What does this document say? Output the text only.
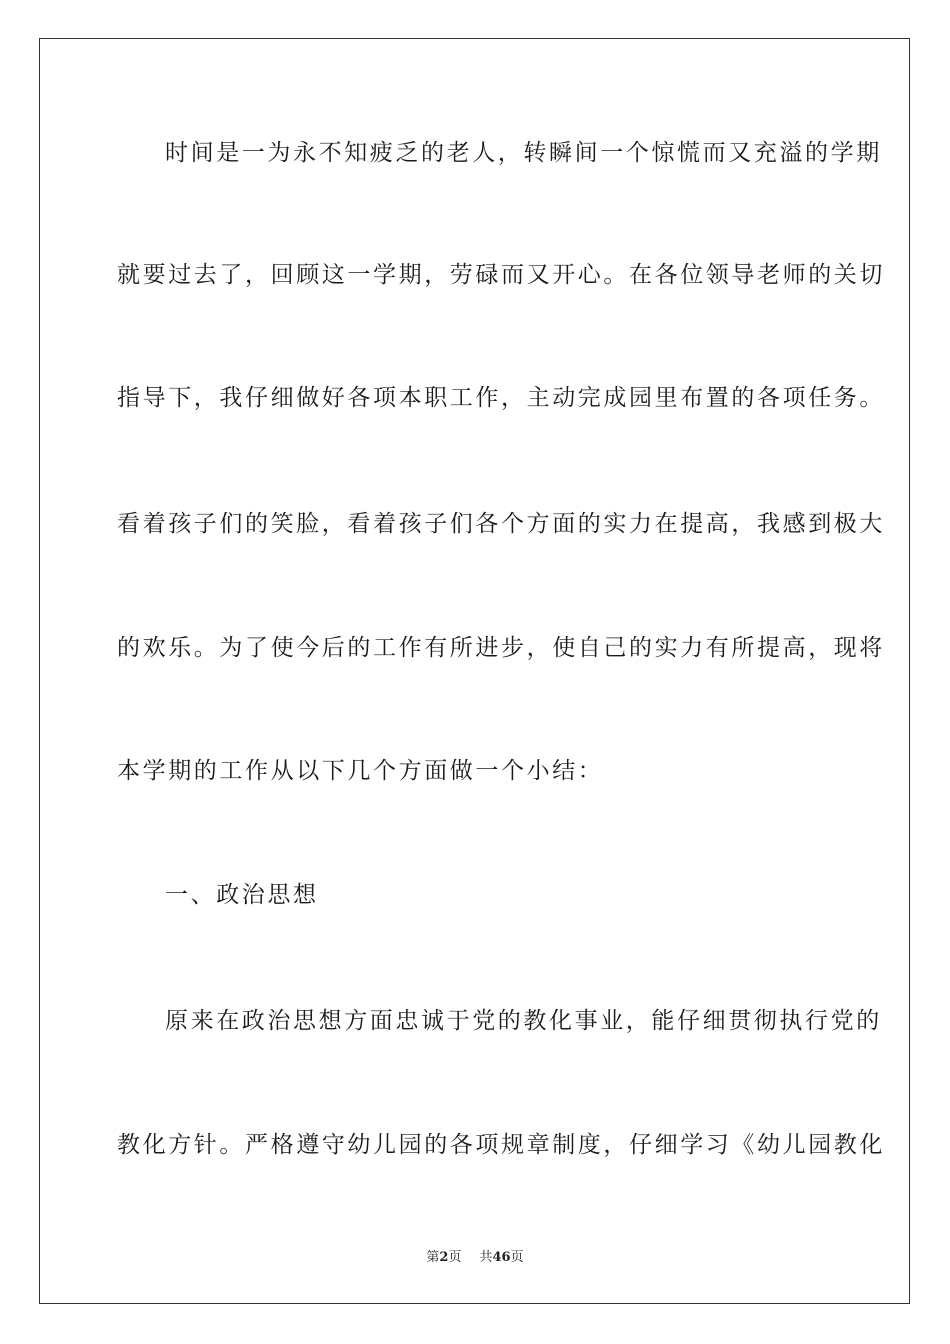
时间是一为永不知疲乏的老人，转瞬间一个惊慌而又充溢的学期
就要过去了，回顾这一学期，劳碌而又开心。在各位领导老师的关切
指导下，我仔细做好各项本职工作，主动完成园里布置的各项任务。
看着孩子们的笑脸，看着孩子们各个方面的实力在提高，我感到极大
的欢乐。为了使今后的工作有所进步，使自己的实力有所提高，现将
本学期的工作从以下几个方面做一个小结：
一、政治思想
原来在政治思想方面忠诚于党的教化事业，能仔细贯彻执行党的
教化方针。严格遵守幼儿园的各项规章制度，仔细学习《幼儿园教化
第2页 共46页
